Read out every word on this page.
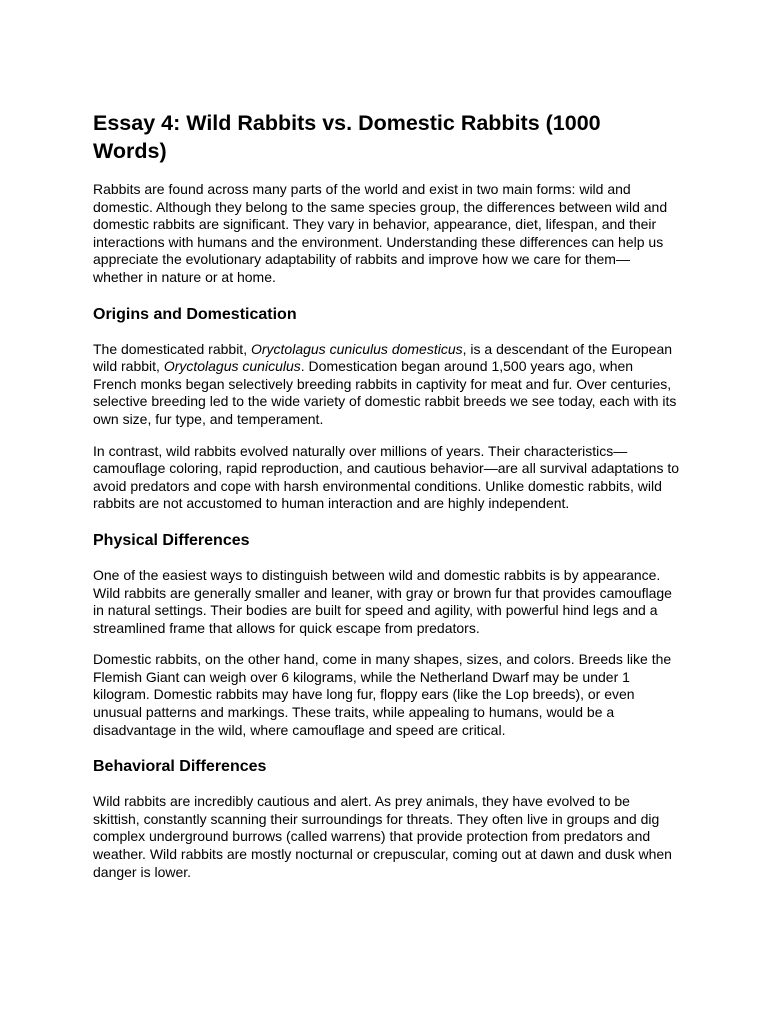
Essay 4: Wild Rabbits vs. Domestic Rabbits (1000 Words)

Rabbits are found across many parts of the world and exist in two main forms: wild and domestic. Although they belong to the same species group, the differences between wild and domestic rabbits are significant. They vary in behavior, appearance, diet, lifespan, and their interactions with humans and the environment. Understanding these differences can help us appreciate the evolutionary adaptability of rabbits and improve how we care for them—whether in nature or at home.

Origins and Domestication

The domesticated rabbit, Oryctolagus cuniculus domesticus, is a descendant of the European wild rabbit, Oryctolagus cuniculus. Domestication began around 1,500 years ago, when French monks began selectively breeding rabbits in captivity for meat and fur. Over centuries, selective breeding led to the wide variety of domestic rabbit breeds we see today, each with its own size, fur type, and temperament.

In contrast, wild rabbits evolved naturally over millions of years. Their characteristics—camouflage coloring, rapid reproduction, and cautious behavior—are all survival adaptations to avoid predators and cope with harsh environmental conditions. Unlike domestic rabbits, wild rabbits are not accustomed to human interaction and are highly independent.

Physical Differences

One of the easiest ways to distinguish between wild and domestic rabbits is by appearance. Wild rabbits are generally smaller and leaner, with gray or brown fur that provides camouflage in natural settings. Their bodies are built for speed and agility, with powerful hind legs and a streamlined frame that allows for quick escape from predators.

Domestic rabbits, on the other hand, come in many shapes, sizes, and colors. Breeds like the Flemish Giant can weigh over 6 kilograms, while the Netherland Dwarf may be under 1 kilogram. Domestic rabbits may have long fur, floppy ears (like the Lop breeds), or even unusual patterns and markings. These traits, while appealing to humans, would be a disadvantage in the wild, where camouflage and speed are critical.

Behavioral Differences

Wild rabbits are incredibly cautious and alert. As prey animals, they have evolved to be skittish, constantly scanning their surroundings for threats. They often live in groups and dig complex underground burrows (called warrens) that provide protection from predators and weather. Wild rabbits are mostly nocturnal or crepuscular, coming out at dawn and dusk when danger is lower.
